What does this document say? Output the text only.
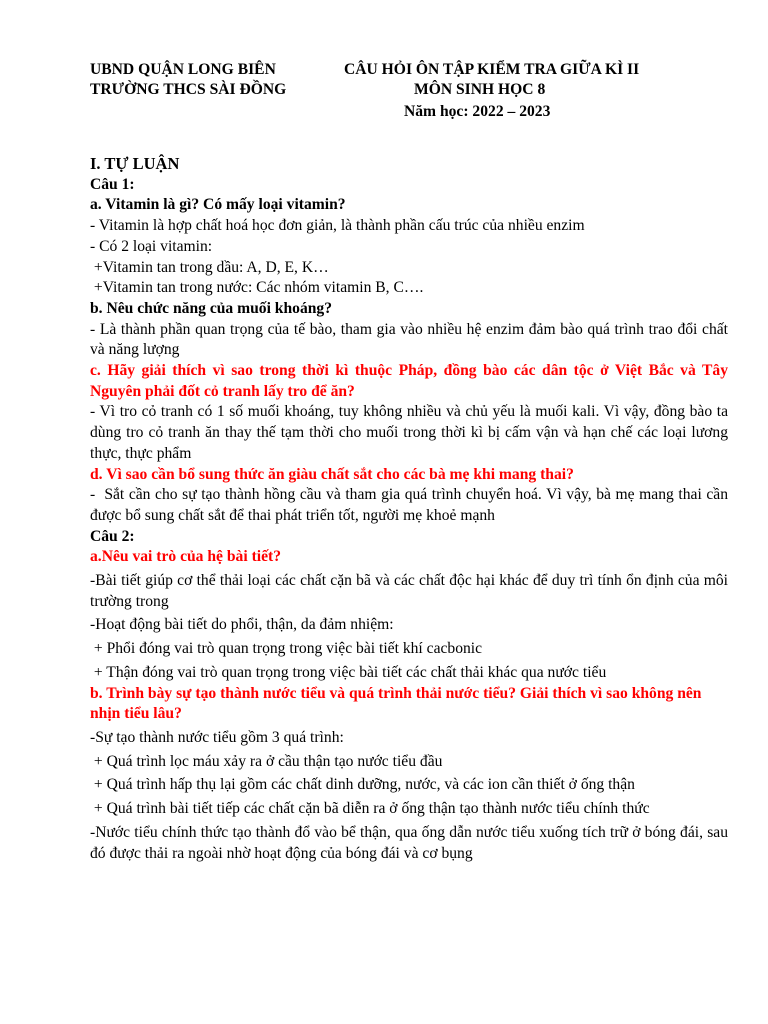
UBND QUẬN LONG BIÊN
TRƯỜNG THCS SÀI ĐỒNG
CÂU HỎI ÔN TẬP KIỂM TRA GIỮA KÌ II
MÔN SINH HỌC 8
Năm học: 2022 – 2023

I. TỰ LUẬN

Câu 1:

a. Vitamin là gì? Có mấy loại vitamin?

- Vitamin là hợp chất hoá học đơn giản, là thành phần cấu trúc của nhiều enzim

- Có 2 loại vitamin:

+Vitamin tan trong dầu: A, D, E, K…

+Vitamin tan trong nước: Các nhóm vitamin B, C….

b. Nêu chức năng của muối khoáng?

- Là thành phần quan trọng của tế bào, tham gia vào nhiều hệ enzim đảm bào quá trình trao đổi chất và năng lượng

c. Hãy giải thích vì sao trong thời kì thuộc Pháp, đồng bào các dân tộc ở Việt Bắc và Tây Nguyên phải đốt cỏ tranh lấy tro để ăn?

- Vì tro cỏ tranh có 1 số muối khoáng, tuy không nhiều và chủ yếu là muối kali. Vì vậy, đồng bào ta dùng tro cỏ tranh ăn thay thế tạm thời cho muối trong thời kì bị cấm vận và hạn chế các loại lương thực, thực phẩm

d. Vì sao cần bổ sung thức ăn giàu chất sắt cho các bà mẹ khi mang thai?

-  Sắt cần cho sự tạo thành hồng cầu và tham gia quá trình chuyển hoá. Vì vậy, bà mẹ mang thai cần được bổ sung chất sắt để thai phát triển tốt, người mẹ khoẻ mạnh

Câu 2:

a.Nêu vai trò của hệ bài tiết?

-Bài tiết giúp cơ thể thải loại các chất cặn bã và các chất độc hại khác để duy trì tính ổn định của môi trường trong

-Hoạt động bài tiết do phổi, thận, da đảm nhiệm:

+ Phổi đóng vai trò quan trọng trong việc bài tiết khí cacbonic

+ Thận đóng vai trò quan trọng trong việc bài tiết các chất thải khác qua nước tiểu

b. Trình bày sự tạo thành nước tiểu và quá trình thải nước tiểu? Giải thích vì sao không nên nhịn tiểu lâu?

-Sự tạo thành nước tiểu gồm 3 quá trình:

+ Quá trình lọc máu xảy ra ở cầu thận tạo nước tiểu đầu

+ Quá trình hấp thụ lại gồm các chất dinh dưỡng, nước, và các ion cần thiết ở ống thận

+ Quá trình bài tiết tiếp các chất cặn bã diễn ra ở ống thận tạo thành nước tiểu chính thức

-Nước tiểu chính thức tạo thành đổ vào bể thận, qua ống dẫn nước tiểu xuống tích trữ ở bóng đái, sau đó được thải ra ngoài nhờ hoạt động của bóng đái và cơ bụng
